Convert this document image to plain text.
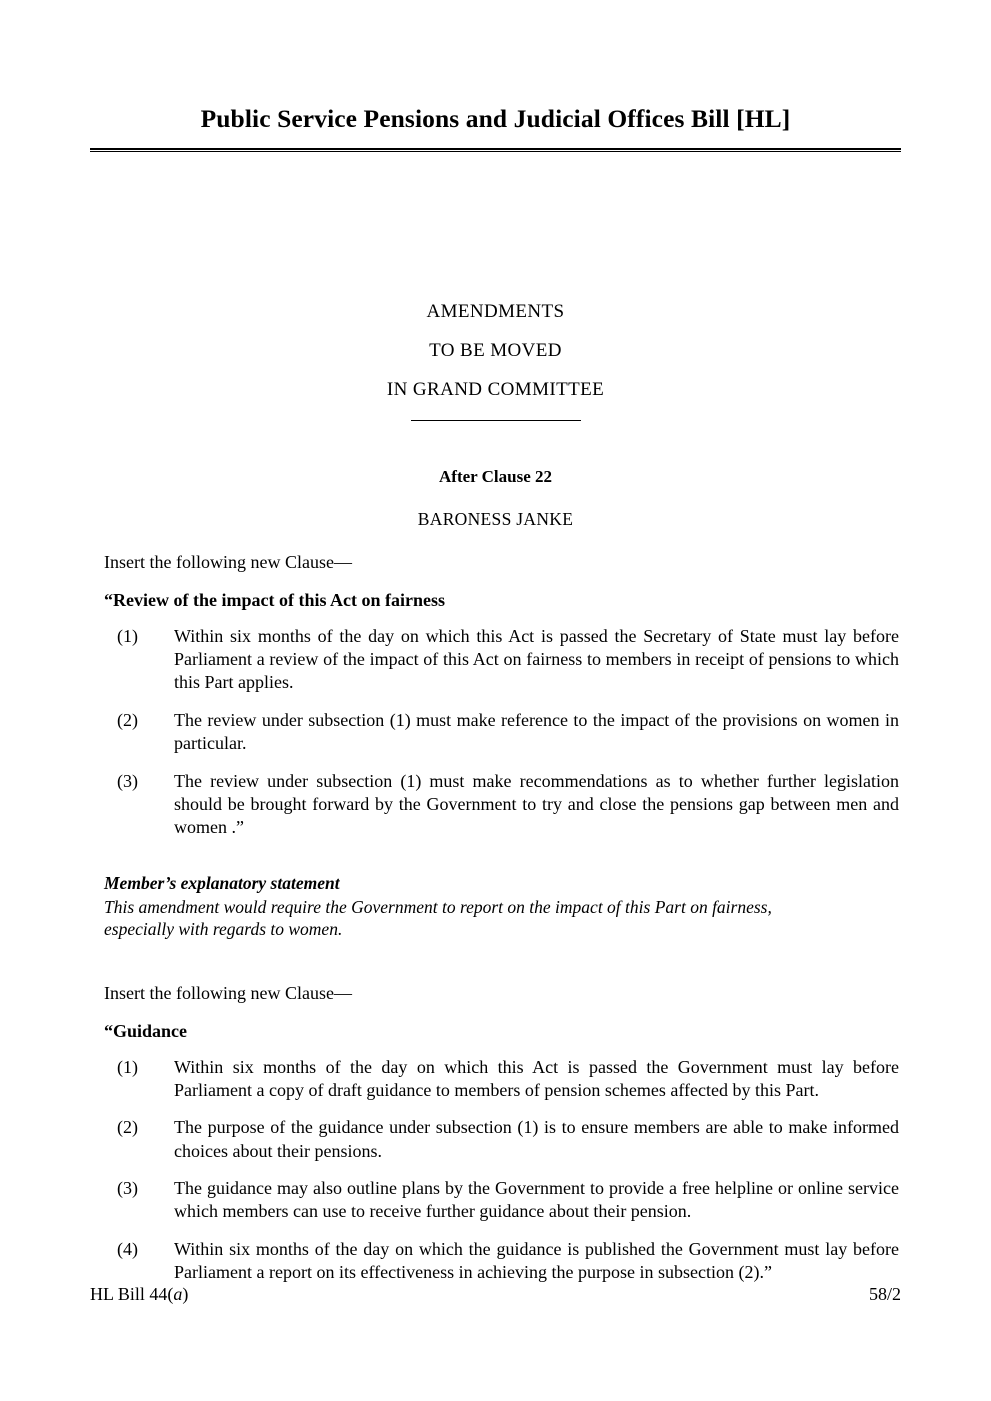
Public Service Pensions and Judicial Offices Bill [HL]
AMENDMENTS
TO BE MOVED
IN GRAND COMMITTEE
After Clause 22
BARONESS JANKE
Insert the following new Clause—
“Review of the impact of this Act on fairness
(1)	Within six months of the day on which this Act is passed the Secretary of State must lay before Parliament a review of the impact of this Act on fairness to members in receipt of pensions to which this Part applies.
(2)	The review under subsection (1) must make reference to the impact of the provisions on women in particular.
(3)	The review under subsection (1) must make recommendations as to whether further legislation should be brought forward by the Government to try and close the pensions gap between men and women .”
Member’s explanatory statement
This amendment would require the Government to report on the impact of this Part on fairness, especially with regards to women.
Insert the following new Clause—
“Guidance
(1)	Within six months of the day on which this Act is passed the Government must lay before Parliament a copy of draft guidance to members of pension schemes affected by this Part.
(2)	The purpose of the guidance under subsection (1) is to ensure members are able to make informed choices about their pensions.
(3)	The guidance may also outline plans by the Government to provide a free helpline or online service which members can use to receive further guidance about their pension.
(4)	Within six months of the day on which the guidance is published the Government must lay before Parliament a report on its effectiveness in achieving the purpose in subsection (2).”
HL Bill 44(a)	58/2
